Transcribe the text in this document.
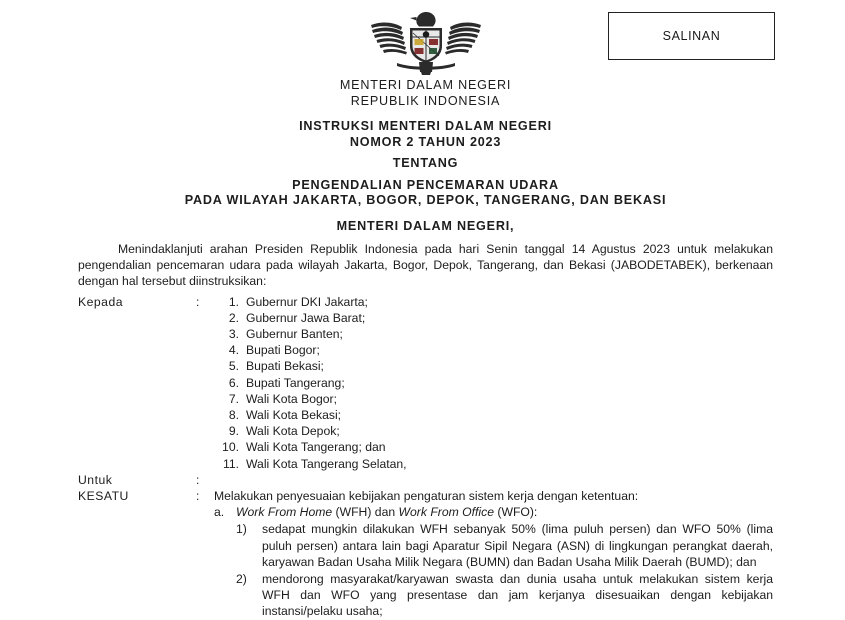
SALINAN
MENTERI DALAM NEGERI
REPUBLIK INDONESIA
INSTRUKSI MENTERI DALAM NEGERI
NOMOR 2 TAHUN 2023
TENTANG
PENGENDALIAN PENCEMARAN UDARA
PADA WILAYAH JAKARTA, BOGOR, DEPOK, TANGERANG, DAN BEKASI
MENTERI DALAM NEGERI,
Menindaklanjuti arahan Presiden Republik Indonesia pada hari Senin tanggal 14 Agustus 2023 untuk melakukan pengendalian pencemaran udara pada wilayah Jakarta, Bogor, Depok, Tangerang, dan Bekasi (JABODETABEK), berkenaan dengan hal tersebut diinstruksikan:
Kepada	:	1. Gubernur DKI Jakarta;
2. Gubernur Jawa Barat;
3. Gubernur Banten;
4. Bupati Bogor;
5. Bupati Bekasi;
6. Bupati Tangerang;
7. Wali Kota Bogor;
8. Wali Kota Bekasi;
9. Wali Kota Depok;
10. Wali Kota Tangerang; dan
11. Wali Kota Tangerang Selatan,
Untuk	:

KESATU	:	Melakukan penyesuaian kebijakan pengaturan sistem kerja dengan ketentuan:
a. Work From Home (WFH) dan Work From Office (WFO):
1)	sedapat mungkin dilakukan WFH sebanyak 50% (lima puluh persen) dan WFO 50% (lima puluh persen) antara lain bagi Aparatur Sipil Negara (ASN) di lingkungan perangkat daerah, karyawan Badan Usaha Milik Negara (BUMN) dan Badan Usaha Milik Daerah (BUMD); dan
2)	mendorong masyarakat/karyawan swasta dan dunia usaha untuk melakukan sistem kerja WFH dan WFO yang presentase dan jam kerjanya disesuaikan dengan kebijakan instansi/pelaku usaha;
